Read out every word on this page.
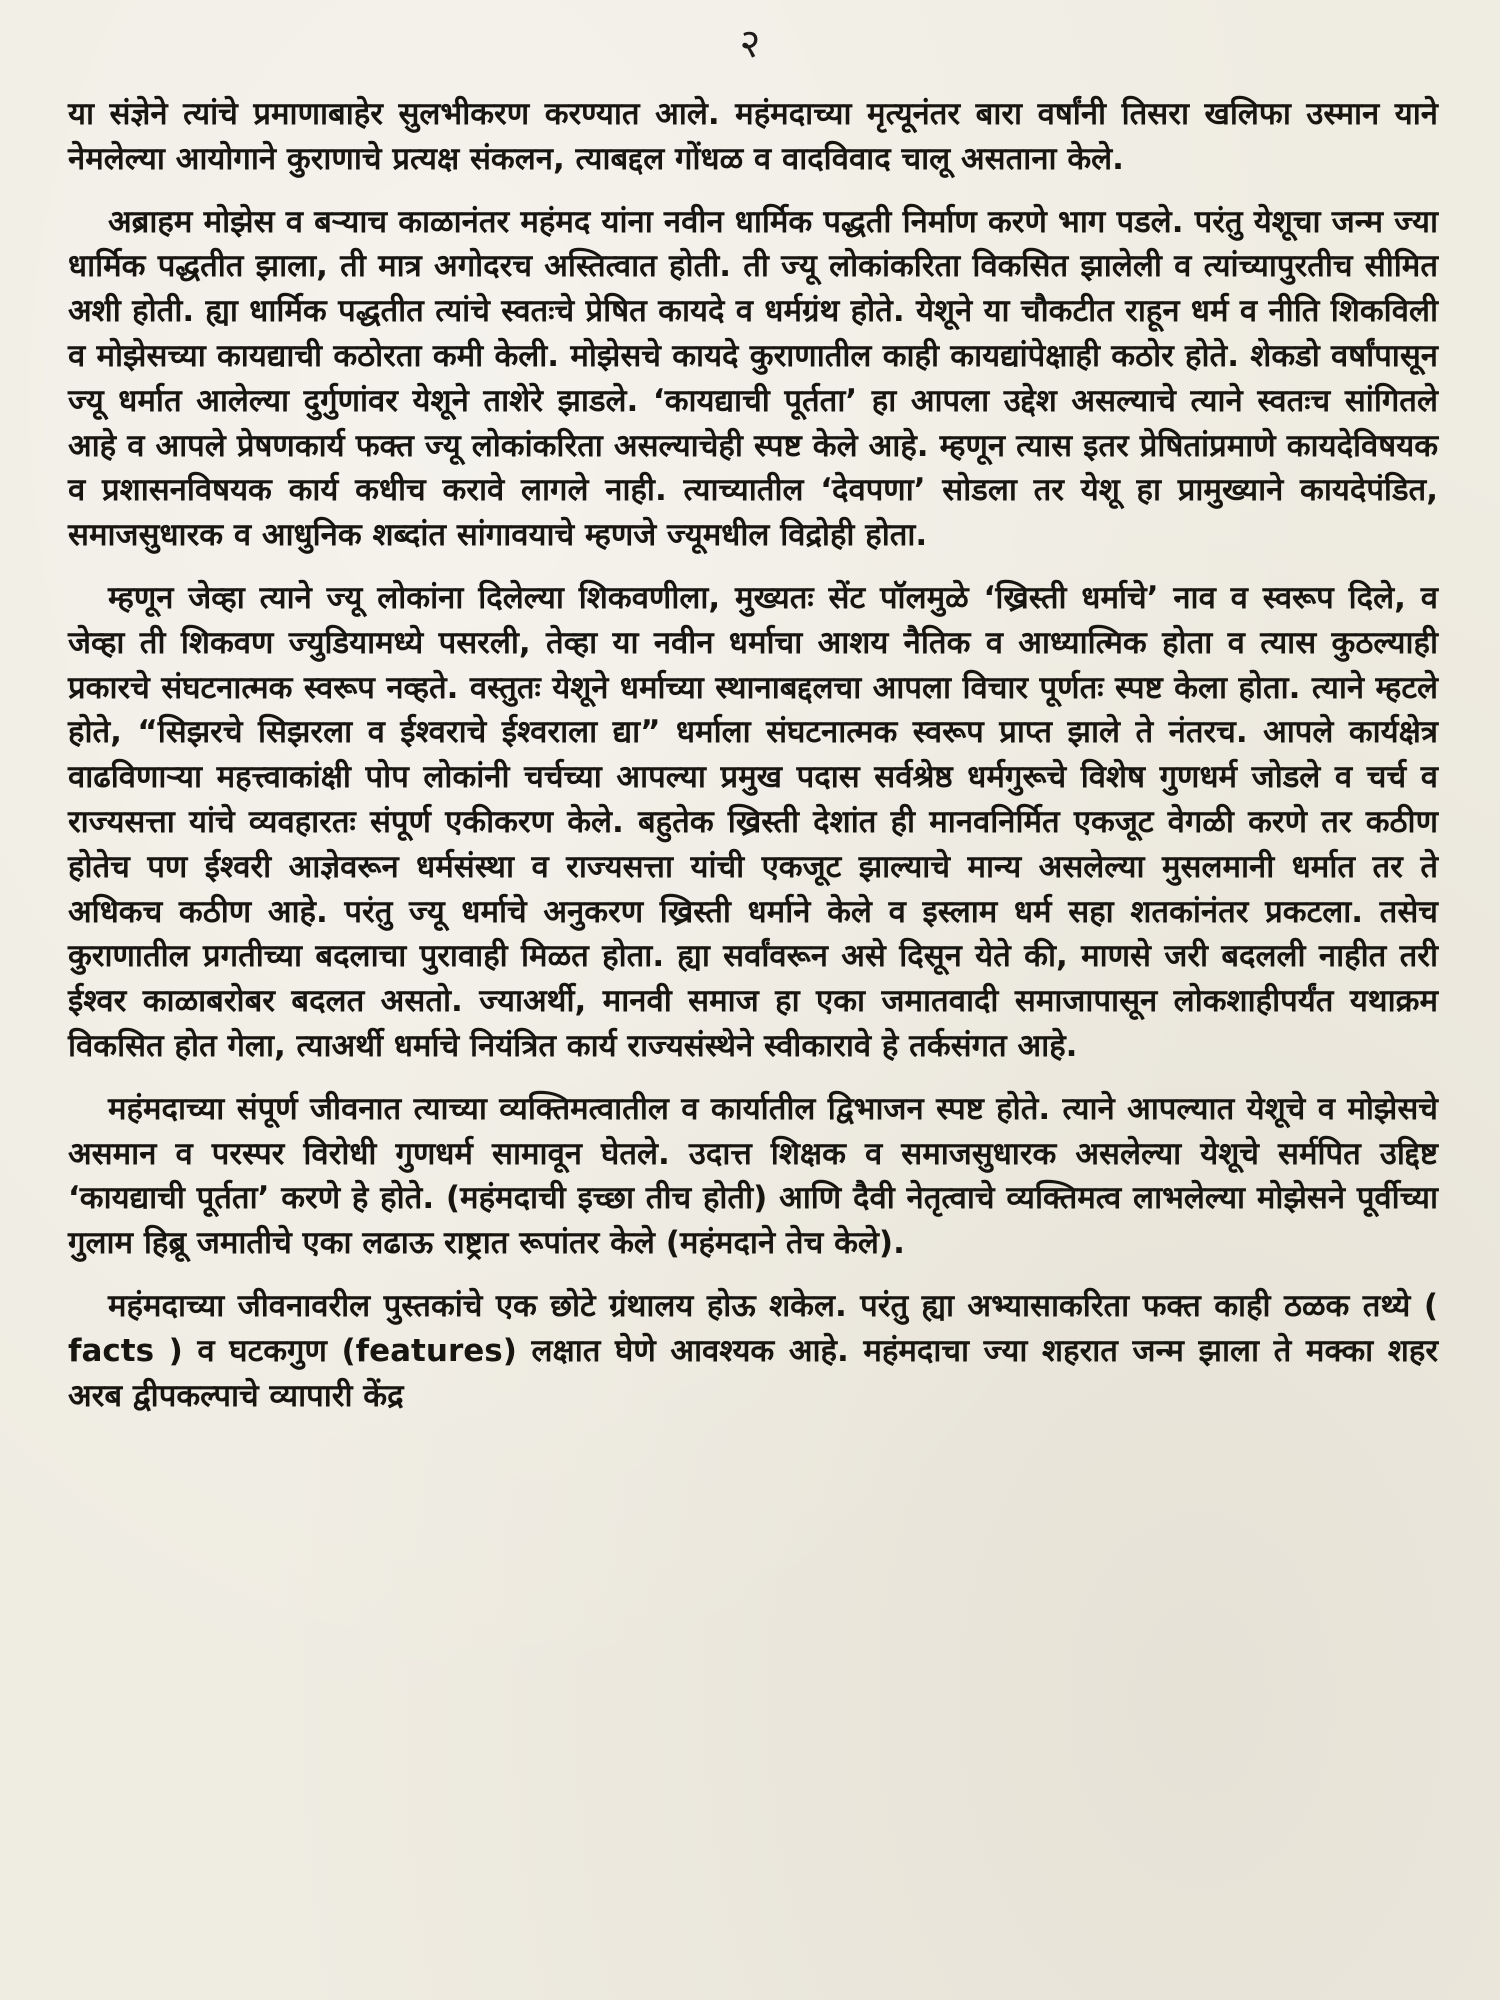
२

या संज्ञेने त्यांचे प्रमाणाबाहेर सुलभीकरण करण्यात आले. महंमदाच्या मृत्यूनंतर बारा वर्षांनी तिसरा खलिफा उस्मान याने नेमलेल्या आयोगाने कुराणाचे प्रत्यक्ष संकलन, त्याबद्दल गोंधळ व वादविवाद चालू असताना केले.

अब्राहम मोझेस व बऱ्याच काळानंतर महंमद यांना नवीन धार्मिक पद्धती निर्माण करणे भाग पडले. परंतु येशूचा जन्म ज्या धार्मिक पद्धतीत झाला, ती मात्र अगोदरच अस्तित्वात होती. ती ज्यू लोकांकरिता विकसित झालेली व त्यांच्यापुरतीच सीमित अशी होती. ह्या धार्मिक पद्धतीत त्यांचे स्वतःचे प्रेषित कायदे व धर्मग्रंथ होते. येशूने या चौकटीत राहून धर्म व नीति शिकविली व मोझेसच्या कायद्याची कठोरता कमी केली. मोझेसचे कायदे कुराणातील काही कायद्यांपेक्षाही कठोर होते. शेकडो वर्षांपासून ज्यू धर्मात आलेल्या दुर्गुणांवर येशूने ताशेरे झाडले. ‘कायद्याची पूर्तता’ हा आपला उद्देश असल्याचे त्याने स्वतःच सांगितले आहे व आपले प्रेषणकार्य फक्त ज्यू लोकांकरिता असल्याचेही स्पष्ट केले आहे. म्हणून त्यास इतर प्रेषितांप्रमाणे कायदेविषयक व प्रशासनविषयक कार्य कधीच करावे लागले नाही. त्याच्यातील ‘देवपणा’ सोडला तर येशू हा प्रामुख्याने कायदेपंडित, समाजसुधारक व आधुनिक शब्दांत सांगावयाचे म्हणजे ज्यूमधील विद्रोही होता.

म्हणून जेव्हा त्याने ज्यू लोकांना दिलेल्या शिकवणीला, मुख्यतः सेंट पॉलमुळे ‘ख्रिस्ती धर्माचे’ नाव व स्वरूप दिले, व जेव्हा ती शिकवण ज्युडियामध्ये पसरली, तेव्हा या नवीन धर्माचा आशय नैतिक व आध्यात्मिक होता व त्यास कुठल्याही प्रकारचे संघटनात्मक स्वरूप नव्हते. वस्तुतः येशूने धर्माच्या स्थानाबद्दलचा आपला विचार पूर्णतः स्पष्ट केला होता. त्याने म्हटले होते, “सिझरचे सिझरला व ईश्वराचे ईश्वराला द्या” धर्माला संघटनात्मक स्वरूप प्राप्त झाले ते नंतरच. आपले कार्यक्षेत्र वाढविणाऱ्या महत्त्वाकांक्षी पोप लोकांनी चर्चच्या आपल्या प्रमुख पदास सर्वश्रेष्ठ धर्मगुरूचे विशेष गुणधर्म जोडले व चर्च व राज्यसत्ता यांचे व्यवहारतः संपूर्ण एकीकरण केले. बहुतेक ख्रिस्ती देशांत ही मानवनिर्मित एकजूट वेगळी करणे तर कठीण होतेच पण ईश्वरी आज्ञेवरून धर्मसंस्था व राज्यसत्ता यांची एकजूट झाल्याचे मान्य असलेल्या मुसलमानी धर्मात तर ते अधिकच कठीण आहे. परंतु ज्यू धर्माचे अनुकरण ख्रिस्ती धर्माने केले व इस्लाम धर्म सहा शतकांनंतर प्रकटला. तसेच कुराणातील प्रगतीच्या बदलाचा पुरावाही मिळत होता. ह्या सर्वांवरून असे दिसून येते की, माणसे जरी बदलली नाहीत तरी ईश्वर काळाबरोबर बदलत असतो. ज्याअर्थी, मानवी समाज हा एका जमातवादी समाजापासून लोकशाहीपर्यंत यथाक्रम विकसित होत गेला, त्याअर्थी धर्माचे नियंत्रित कार्य राज्यसंस्थेने स्वीकारावे हे तर्कसंगत आहे.

महंमदाच्या संपूर्ण जीवनात त्याच्या व्यक्तिमत्वातील व कार्यातील द्विभाजन स्पष्ट होते. त्याने आपल्यात येशूचे व मोझेसचे असमान व परस्पर विरोधी गुणधर्म सामावून घेतले. उदात्त शिक्षक व समाजसुधारक असलेल्या येशूचे सर्मपित उद्दिष्ट ‘कायद्याची पूर्तता’ करणे हे होते. (महंमदाची इच्छा तीच होती) आणि दैवी नेतृत्वाचे व्यक्तिमत्व लाभलेल्या मोझेसने पूर्वीच्या गुलाम हिब्रू जमातीचे एका लढाऊ राष्ट्रात रूपांतर केले (महंमदाने तेच केले).

महंमदाच्या जीवनावरील पुस्तकांचे एक छोटे ग्रंथालय होऊ शकेल. परंतु ह्या अभ्यासाकरिता फक्त काही ठळक तथ्ये ( facts ) व घटकगुण (features) लक्षात घेणे आवश्यक आहे. महंमदाचा ज्या शहरात जन्म झाला ते मक्का शहर अरब द्वीपकल्पाचे व्यापारी केंद्र
